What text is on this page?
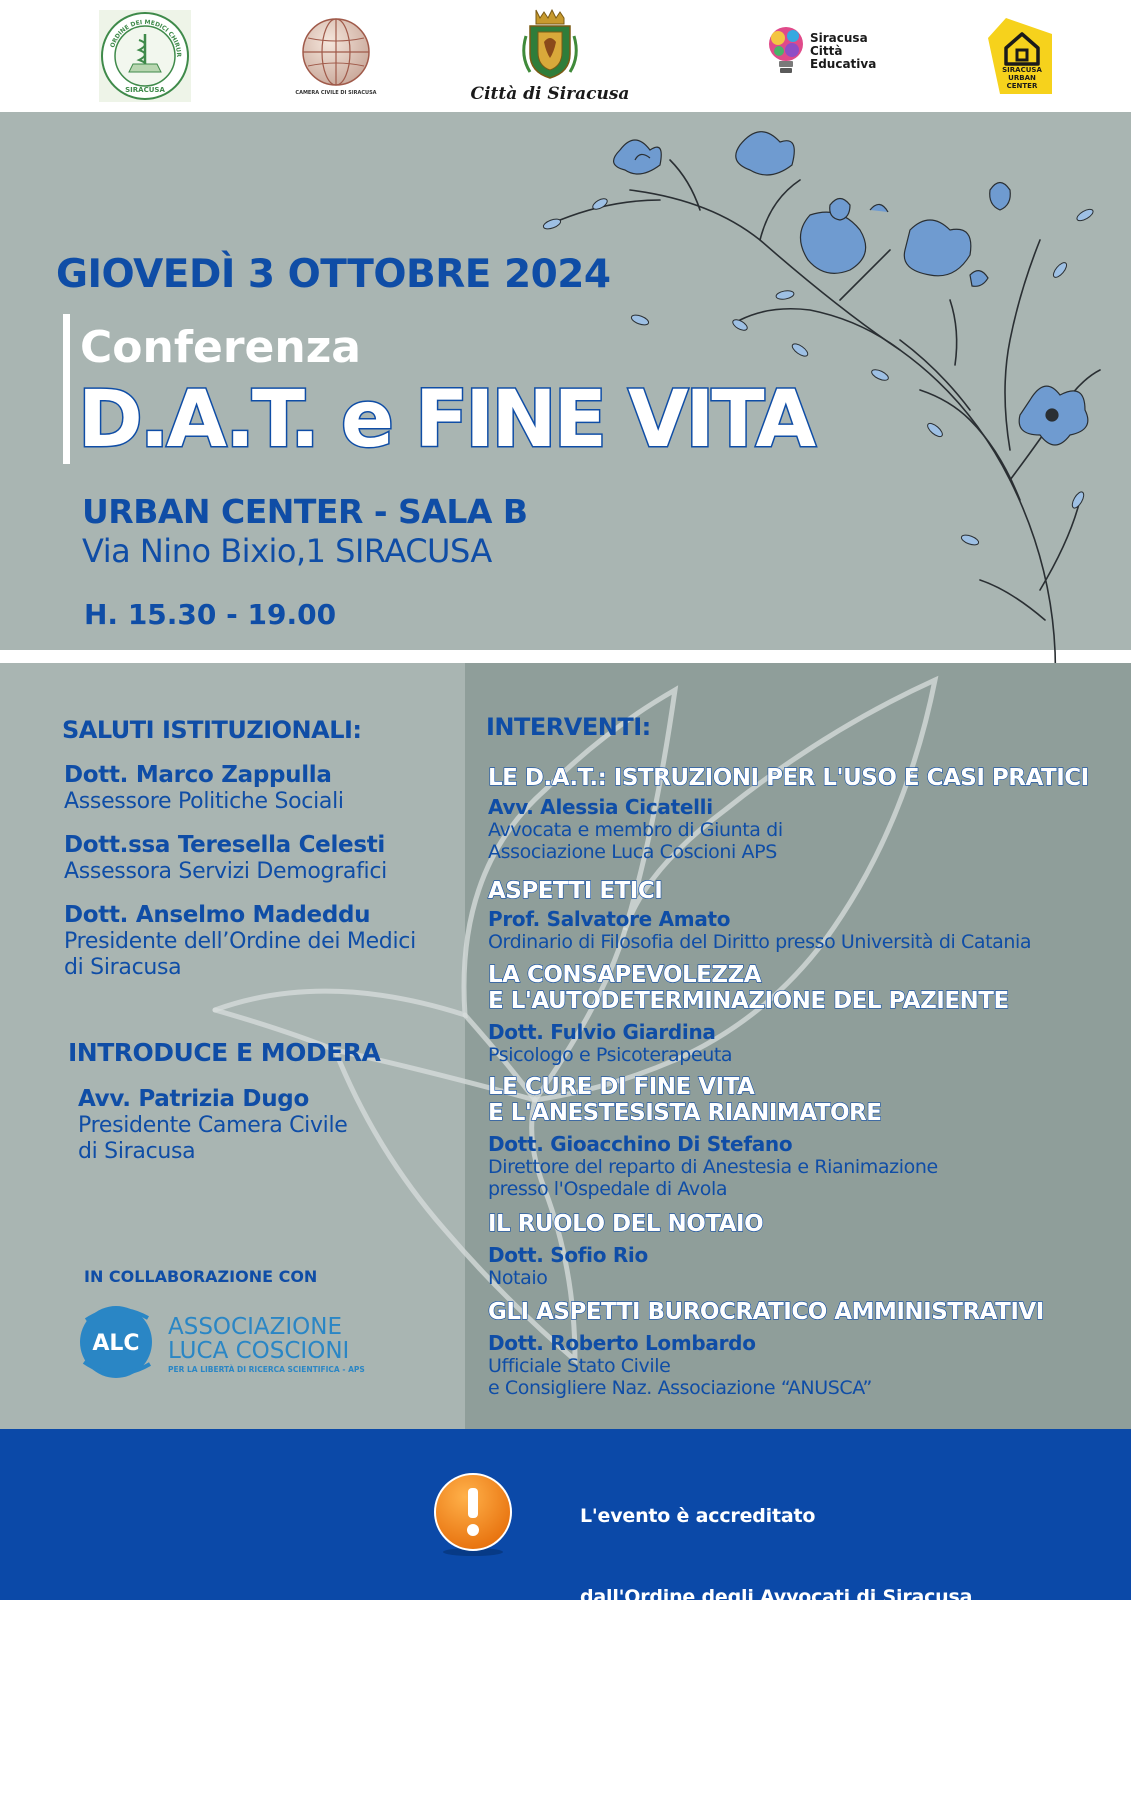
ORDINE DEI MEDICI CHIRUR
SIRACUSA	CAMERA CIVILE DI SIRACUSA	Città di Siracusa
Siracusa
Città
Educativa	SIRACUSA
URBAN CENTER
GIOVEDÌ 3 OTTOBRE 2024
Conferenza
D.A.T. e FINE VITA
URBAN CENTER - SALA B
Via Nino Bixio,1 SIRACUSA
H. 15.30 - 19.00
SALUTI ISTITUZIONALI:
Dott. Marco Zappulla
Assessore Politiche Sociali
Dott.ssa Teresella Celesti
Assessora Servizi Demografici
Dott. Anselmo Madeddu
Presidente dell’Ordine dei Medici
di Siracusa
INTRODUCE E MODERA
Avv. Patrizia Dugo
Presidente Camera Civile
di Siracusa
IN COLLABORAZIONE CON
ALC
ASSOCIAZIONE
LUCA COSCIONI
PER LA LIBERTÀ DI RICERCA SCIENTIFICA - APS
INTERVENTI:
LE D.A.T.: ISTRUZIONI PER L'USO E CASI PRATICI
Avv. Alessia Cicatelli
Avvocata e membro di Giunta di
Associazione Luca Coscioni APS
ASPETTI ETICI
Prof. Salvatore Amato
Ordinario di Filosofia del Diritto presso Università di Catania
LA CONSAPEVOLEZZA
E L'AUTODETERMINAZIONE DEL PAZIENTE
Dott. Fulvio Giardina
Psicologo e Psicoterapeuta
LE CURE DI FINE VITA
E L'ANESTESISTA RIANIMATORE
Dott. Gioacchino Di Stefano
Direttore del reparto di Anestesia e Rianimazione
presso l'Ospedale di Avola
IL RUOLO DEL NOTAIO
Dott. Sofio Rio
Notaio
GLI ASPETTI BUROCRATICO AMMINISTRATIVI
Dott. Roberto Lombardo
Ufficiale Stato Civile
e Consigliere Naz. Associazione “ANUSCA”

L'evento è accreditato

dall'Ordine degli Avvocati di Siracusa

con 3 crediti formativi

di cui 1 in materia obbligatoria
